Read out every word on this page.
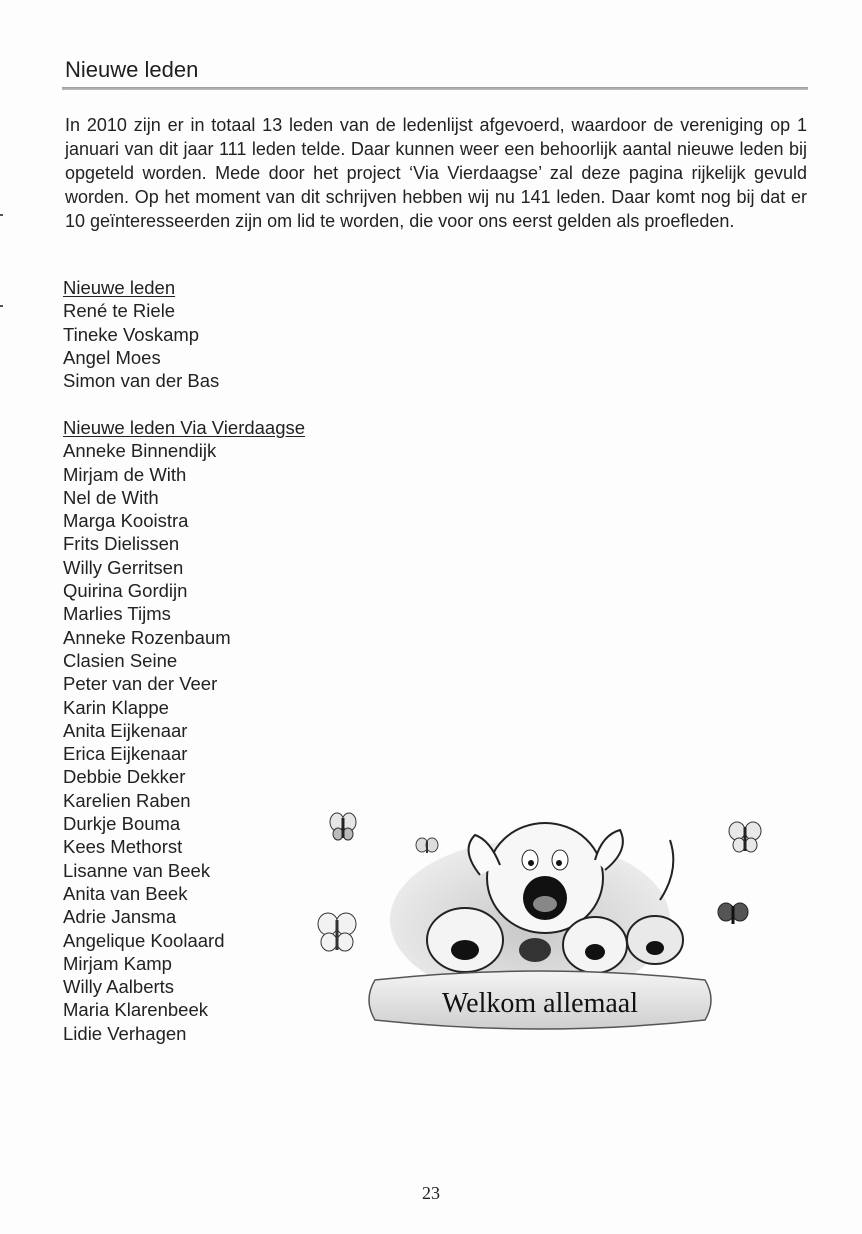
Nieuwe leden

In 2010 zijn er in totaal 13 leden van de ledenlijst afgevoerd, waardoor de vereniging op 1 januari van dit jaar 111 leden telde. Daar kunnen weer een behoorlijk aantal nieuwe leden bij opgeteld worden. Mede door het project ‘Via Vierdaagse’ zal deze pagina rijkelijk gevuld worden. Op het moment van dit schrijven hebben wij nu 141 leden. Daar komt nog bij dat er 10 geïnteresseerden zijn om lid te worden, die voor ons eerst gelden als proefleden.

Nieuwe leden
René te Riele
Tineke Voskamp
Angel Moes
Simon van der Bas
Nieuwe leden Via Vierdaagse
Anneke Binnendijk
Mirjam de With
Nel de With
Marga Kooistra
Frits Dielissen
Willy Gerritsen
Quirina Gordijn
Marlies Tijms
Anneke Rozenbaum
Clasien Seine
Peter van der Veer
Karin Klappe
Anita Eijkenaar
Erica Eijkenaar
Debbie Dekker
Karelien Raben
Durkje Bouma
Kees Methorst
Lisanne van Beek
Anita van Beek
Adrie Jansma
Angelique Koolaard
Mirjam Kamp
Willy Aalberts
Maria Klarenbeek
Lidie Verhagen
Welkom allemaal
23
